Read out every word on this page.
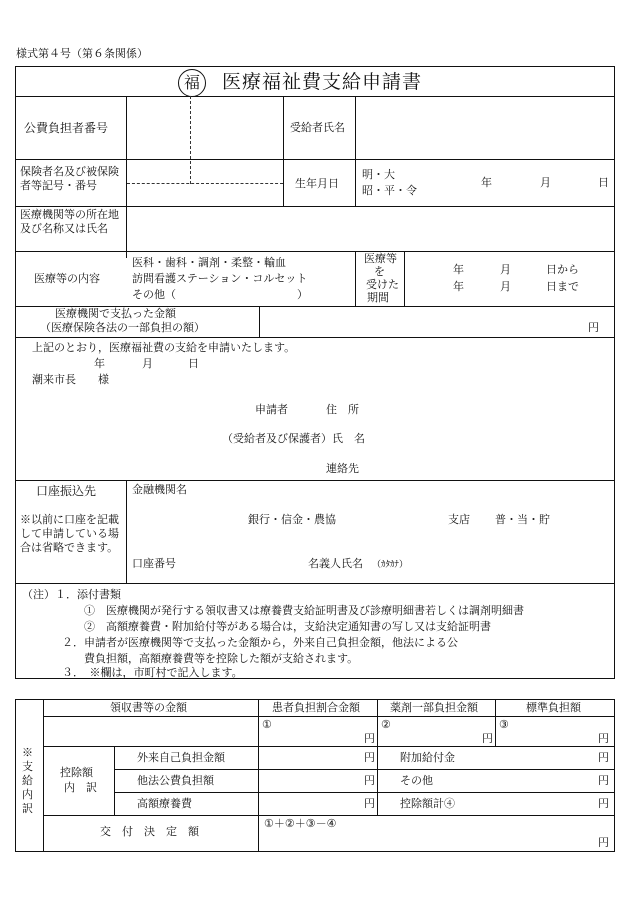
様式第４号（第６条関係）
福	医療福祉費支給申請書
公費負担者番号	受給者氏名
保険者名及び被保険者等記号・番号	生年月日
明・大
昭・平・令
年	月	日
医療機関等の所在地及び名称又は氏名
医療等の内容
医科・歯科・調剤・柔整・輸血
訪問看護ステーション・コルセット
その他（　　　　　　　　　　　）
医療等
を
受けた
期間
年	月	日から
年	月	日まで
医療機関で支払った金額
（医療保険各法の一部負担の額）	円
上記のとおり，医療福祉費の支給を申請いたします。
年	月	日
潮来市長　　様
申請者	住　所
（受給者及び保護者）氏　名
連絡先
口座振込先
※以前に口座を記載して申請している場合は省略できます。
金融機関名
銀行・信金・農協	支店 普・当・貯
口座番号	名義人氏名 （ｶﾀｶﾅ）
（注）１．添付書類
①　医療機関が発行する領収書又は療養費支給証明書及び診療明細書若しくは調剤明細書
②　高額療養費・附加給付等がある場合は，支給決定通知書の写し又は支給証明書
２．申請者が医療機関等で支払った金額から，外来自己負担金額，他法による公
費負担額，高額療養費等を控除した額が支給されます。
３．　※欄は，市町村で記入します。
※支給内訳
領収書等の金額	患者負担割合金額	薬剤一部負担金額	標準負担額
①
円
②
円
③
円
控除額
内　訳
外来自己負担金額	円 附加給付金	円
他法公費負担額	円 その他	円
高額療養費	円 控除額計④	円
交　付　決　定　額
①＋②＋③－④
円
